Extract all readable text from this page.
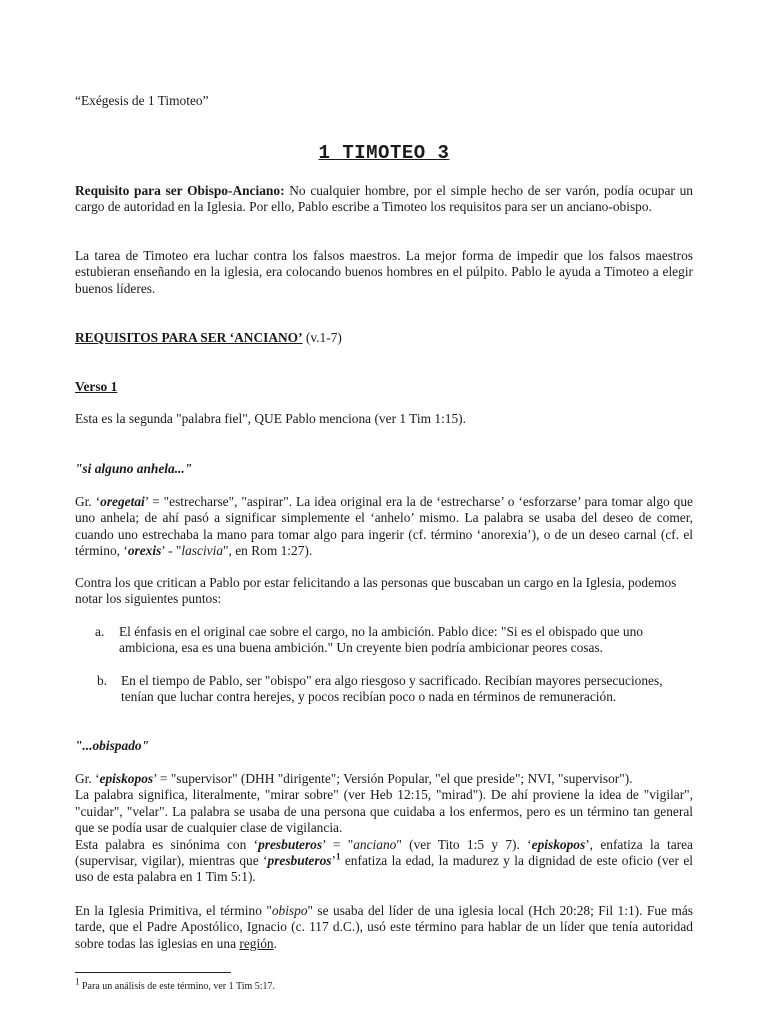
“Exégesis de 1 Timoteo”

1 TIMOTEO 3

Requisito para ser Obispo-Anciano: No cualquier hombre, por el simple hecho de ser varón, podía ocupar un cargo de autoridad en la Iglesia. Por ello, Pablo escribe a Timoteo los requisitos para ser un anciano-obispo.

La tarea de Timoteo era luchar contra los falsos maestros. La mejor forma de impedir que los falsos maestros estubieran enseñando en la iglesia, era colocando buenos hombres en el púlpito. Pablo le ayuda a Timoteo a elegir buenos líderes.

REQUISITOS PARA SER ‘ANCIANO’ (v.1-7)

Verso 1

Esta es la segunda "palabra fiel", QUE Pablo menciona (ver 1 Tim 1:15).

"si alguno anhela..."

Gr. ‘oregetai’ = "estrecharse", "aspirar". La idea original era la de ‘estrecharse’ o ‘esforzarse’ para tomar algo que uno anhela; de ahí pasó a significar simplemente el ‘anhelo’ mismo. La palabra se usaba del deseo de comer, cuando uno estrechaba la mano para tomar algo para ingerir (cf. término ‘anorexia’), o de un deseo carnal (cf. el término, ‘orexis’ - "lascivia", en Rom 1:27).

Contra los que critican a Pablo por estar felicitando a las personas que buscaban un cargo en la Iglesia, podemos notar los siguientes puntos:

a. El énfasis en el original cae sobre el cargo, no la ambición. Pablo dice: "Si es el obispado que uno ambiciona, esa es una buena ambición." Un creyente bien podría ambicionar peores cosas.

b. En el tiempo de Pablo, ser "obispo" era algo riesgoso y sacrificado. Recibían mayores persecuciones, tenían que luchar contra herejes, y pocos recibían poco o nada en términos de remuneración.

"...obispado"

Gr. ‘episkopos’ = "supervisor" (DHH "dirigente"; Versión Popular, "el que preside"; NVI, "supervisor").

La palabra significa, literalmente, "mirar sobre" (ver Heb 12:15, "mirad"). De ahí proviene la idea de "vigilar", "cuidar", "velar". La palabra se usaba de una persona que cuidaba a los enfermos, pero es un término tan general que se podía usar de cualquier clase de vigilancia.

Esta palabra es sinónima con ‘presbuteros’ = "anciano" (ver Tito 1:5 y 7). ‘episkopos’, enfatiza la tarea (supervisar, vigilar), mientras que ‘presbuteros’$^1$ enfatiza la edad, la madurez y la dignidad de este oficio (ver el uso de esta palabra en 1 Tim 5:1).

En la Iglesia Primitiva, el término "obispo" se usaba del líder de una iglesia local (Hch 20:28; Fil 1:1). Fue más tarde, que el Padre Apostólico, Ignacio (c. 117 d.C.), usó este término para hablar de un líder que tenía autoridad sobre todas las iglesias en una región.

$^1$ Para un análisis de este término, ver 1 Tim 5:17.
